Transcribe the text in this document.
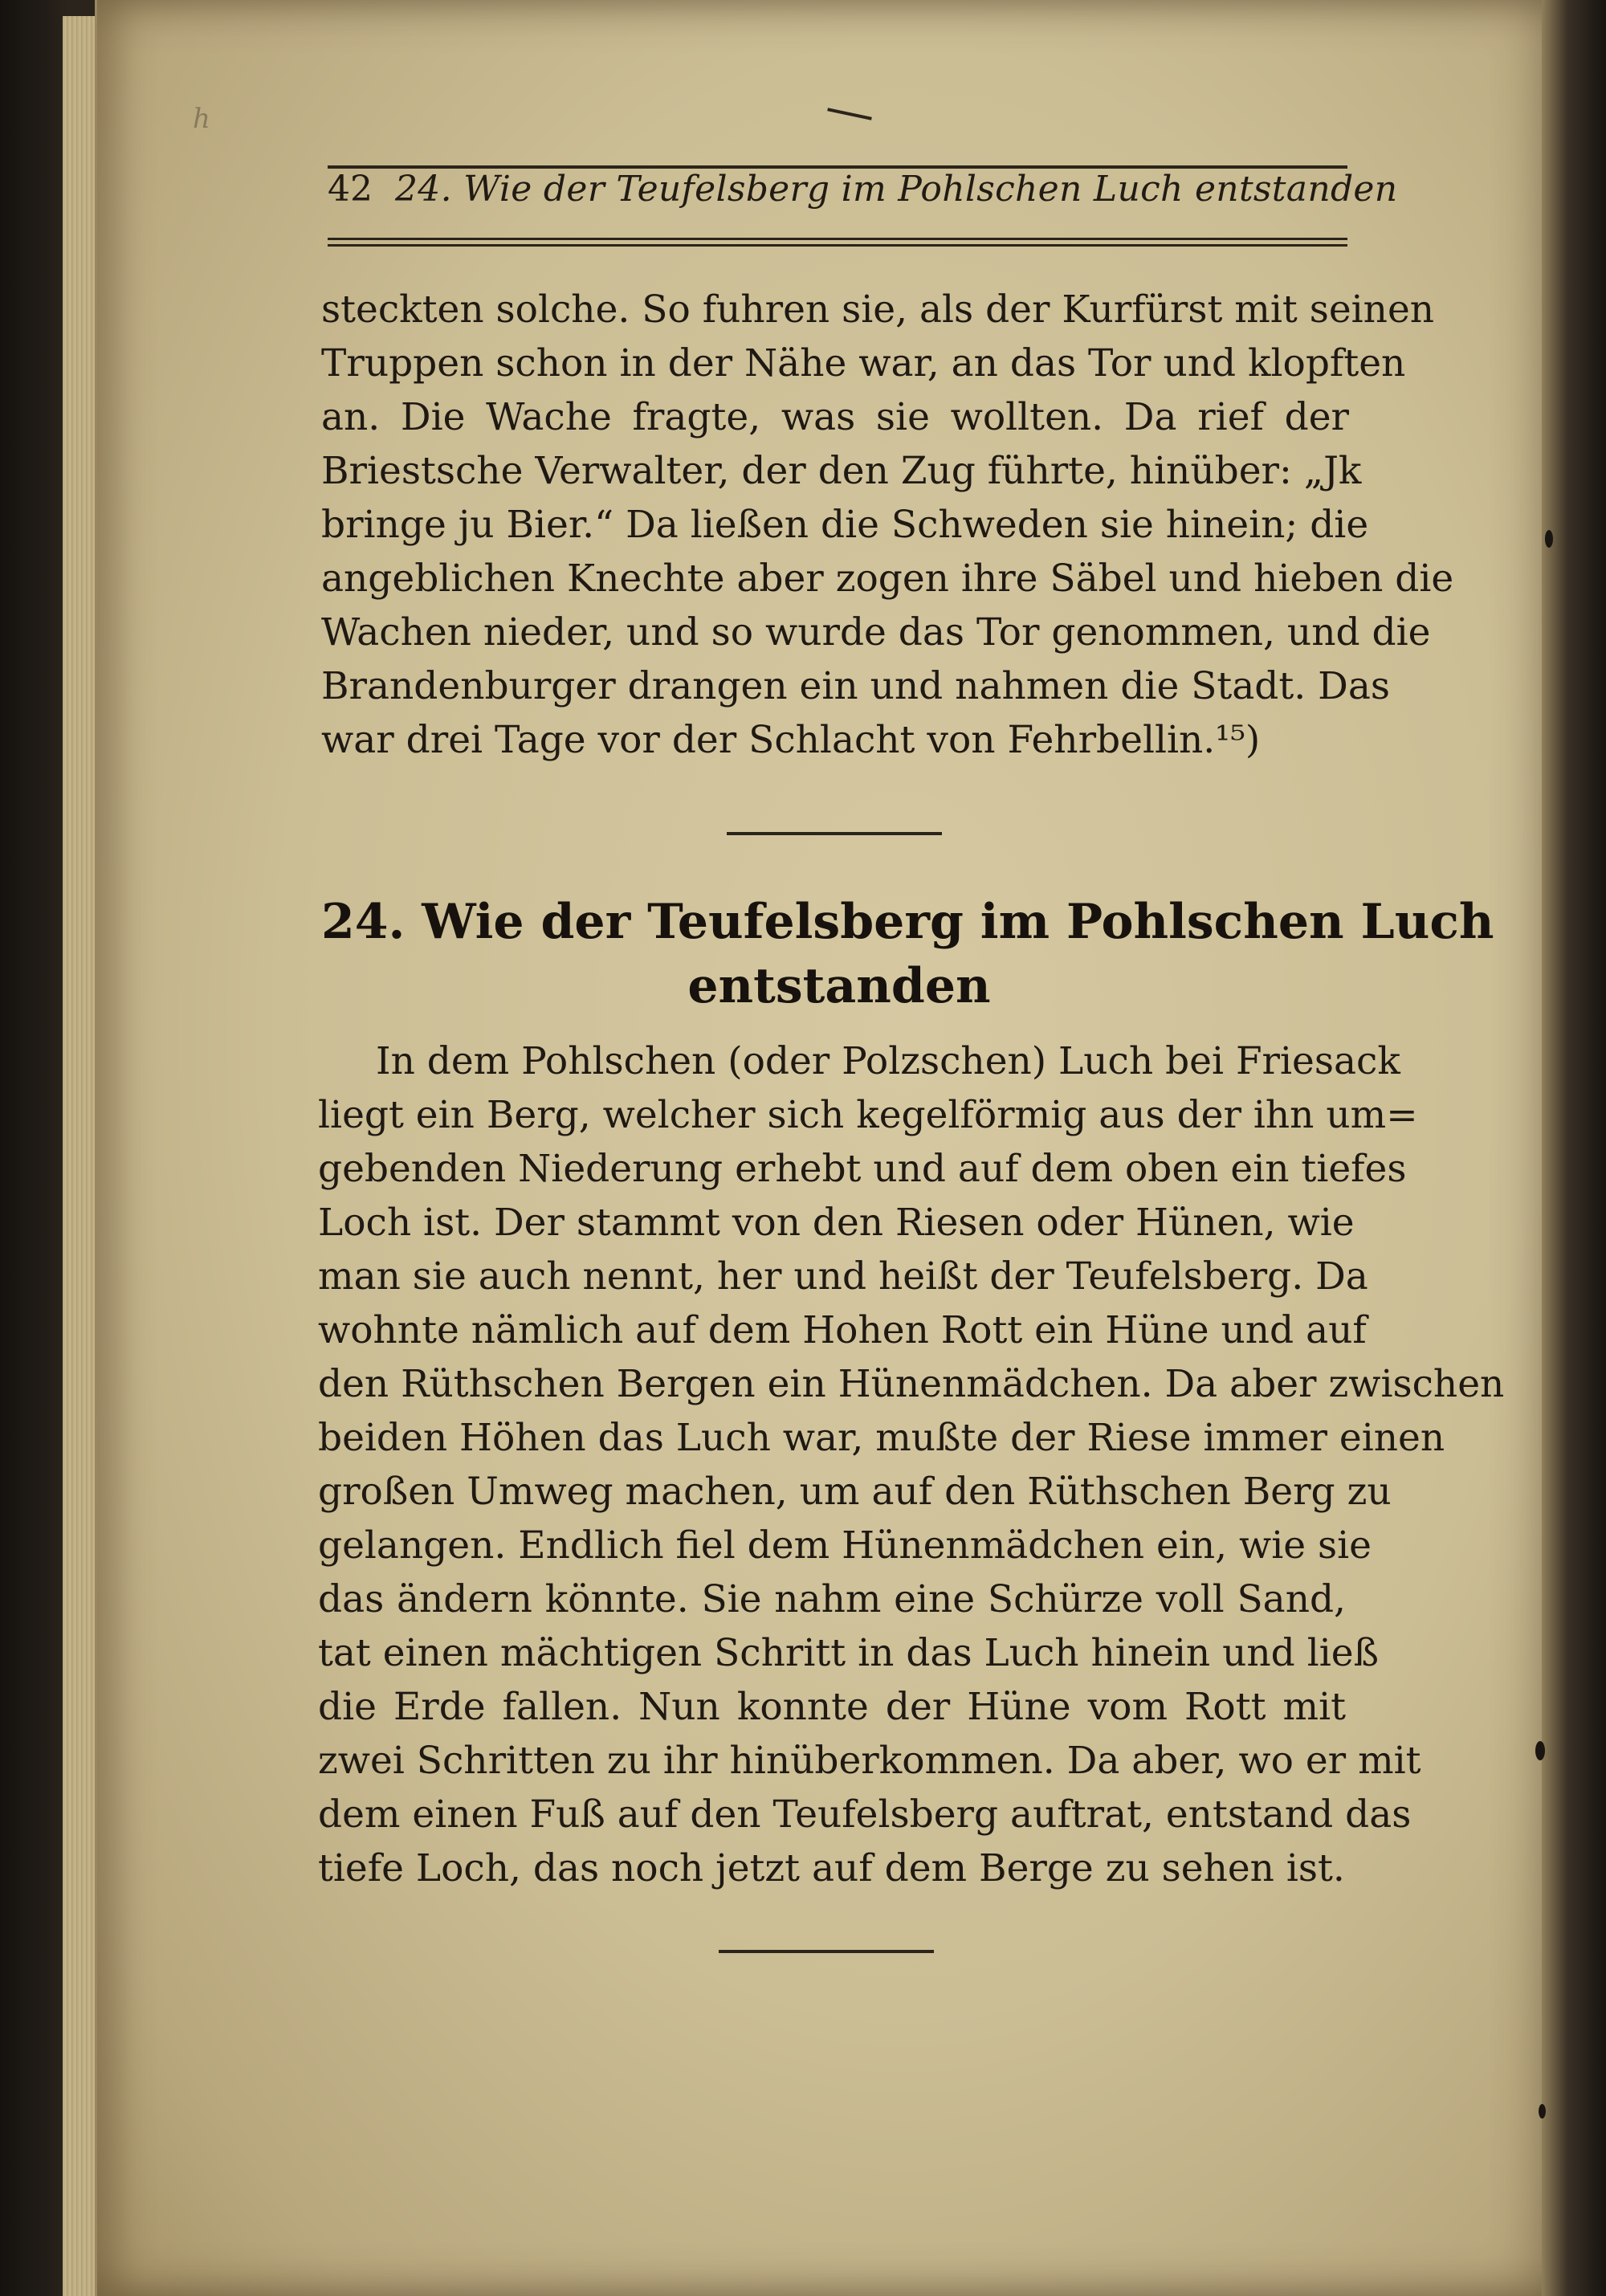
h
42 24. Wie der Teufelsberg im Pohlschen Luch entstanden
steckten solche. So fuhren sie, als der Kurfürst mit seinen
Truppen schon in der Nähe war, an das Tor und klopften
an. Die Wache fragte, was sie wollten. Da rief der
Briestsche Verwalter, der den Zug führte, hinüber: „Jk
bringe ju Bier.“ Da ließen die Schweden sie hinein; die
angeblichen Knechte aber zogen ihre Säbel und hieben die
Wachen nieder, und so wurde das Tor genommen, und die
Brandenburger drangen ein und nahmen die Stadt. Das
war drei Tage vor der Schlacht von Fehrbellin.¹⁵)
24. Wie der Teufelsberg im Pohlschen Luch
entstanden
In dem Pohlschen (oder Polzschen) Luch bei Friesack
liegt ein Berg, welcher sich kegelförmig aus der ihn um=
gebenden Niederung erhebt und auf dem oben ein tiefes
Loch ist. Der stammt von den Riesen oder Hünen, wie
man sie auch nennt, her und heißt der Teufelsberg. Da
wohnte nämlich auf dem Hohen Rott ein Hüne und auf
den Rüthschen Bergen ein Hünenmädchen. Da aber zwischen
beiden Höhen das Luch war, mußte der Riese immer einen
großen Umweg machen, um auf den Rüthschen Berg zu
gelangen. Endlich fiel dem Hünenmädchen ein, wie sie
das ändern könnte. Sie nahm eine Schürze voll Sand,
tat einen mächtigen Schritt in das Luch hinein und ließ
die Erde fallen. Nun konnte der Hüne vom Rott mit
zwei Schritten zu ihr hinüberkommen. Da aber, wo er mit
dem einen Fuß auf den Teufelsberg auftrat, entstand das
tiefe Loch, das noch jetzt auf dem Berge zu sehen ist.
